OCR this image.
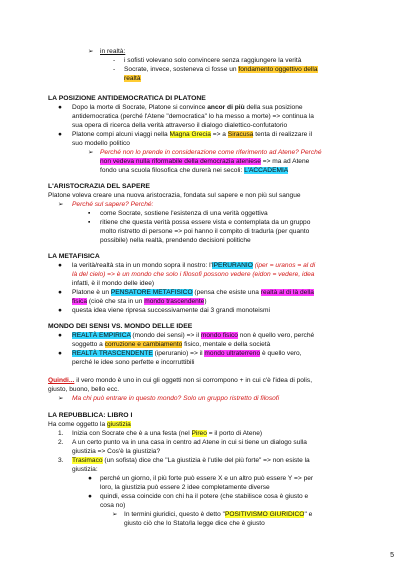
➢ in realtà:
- i sofisti volevano solo convincere senza raggiungere la verità
- Socrate, invece, sosteneva ci fosse un fondamento oggettivo della
realtà
LA POSIZIONE ANTIDEMOCRATICA DI PLATONE
● Dopo la morte di Socrate, Platone si convince ancor di più della sua posizione
antidemocratica (perché l'Atene "democratica" lo ha messo a morte) => continua la
sua opera di ricerca della verità attraverso il dialogo dialettico-confutatorio
● Platone compi alcuni viaggi nella Magna Grecia => a Siracusa tenta di realizzare il
suo modello politico
➢ Perché non lo prende in considerazione come riferimento ad Atene? Perché
non vedeva nulla riformabile della democrazia ateniese => ma ad Atene
fondo una scuola filosofica che durerà nei secoli: L'ACCADEMIA
L'ARISTOCRAZIA DEL SAPERE
Platone voleva creare una nuova aristocrazia, fondata sul sapere e non più sul sangue
➢ Perché sul sapere? Perché:
▪ come Socrate, sostiene l'esistenza di una verità oggettiva
▪ ritiene che questa verità possa essere vista e contemplata da un gruppo
molto ristretto di persone => poi hanno il compito di tradurla (per quanto
possibile) nella realtà, prendendo decisioni politiche
LA METAFISICA
● la verità/realtà sta in un mondo sopra il nostro: l'IPERURANIO (iper = uranos = al di
là del cielo) => è un mondo che solo i filosofi possono vedere (eidon = vedere, idea
infatti, è il mondo delle idee)
● Platone è un PENSATORE METAFISICO (pensa che esiste una realtà al di là della
fisica (cioè che sta in un mondo trascendente)
● questa idea viene ripresa successivamente dai 3 grandi monoteismi
MONDO DEI SENSI VS. MONDO DELLE IDEE
● REALTÀ EMPIRICA (mondo dei sensi) => il mondo fisico non è quello vero, perché
soggetto a corruzione e cambiamento fisico, mentale e della società
● REALTÀ TRASCENDENTE (iperuranio) => il mondo ultraterreno è quello vero,
perché le idee sono perfette e incorruttibili
Quindi... il vero mondo è uno in cui gli oggetti non si corrompono + in cui c'è l'idea di polis,
giusto, buono, bello ecc.
➢ Ma chi può entrare in questo mondo? Solo un gruppo ristretto di filosofi
LA REPUBBLICA: LIBRO I
Ha come oggetto la giustizia
1. Inizia con Socrate che è a una festa (nel Pireo = il porto di Atene)
2. A un certo punto va in una casa in centro ad Atene in cui si tiene un dialogo sulla
giustizia => Cos'è la giustizia?
3. Trasimaco (un sofista) dice che "La giustizia è l'utile del più forte" => non esiste la
giustizia:
● perché un giorno, il più forte può essere X e un altro può essere Y => per
loro, la giustizia può essere 2 idee completamente diverse
● quindi, essa coincide con chi ha il potere (che stabilisce cosa è giusto e
cosa no)
➢ In termini giuridici, questo è detto "POSITIVISMO GIURIDICO" e
giusto ciò che lo Stato/la legge dice che è giusto
5
